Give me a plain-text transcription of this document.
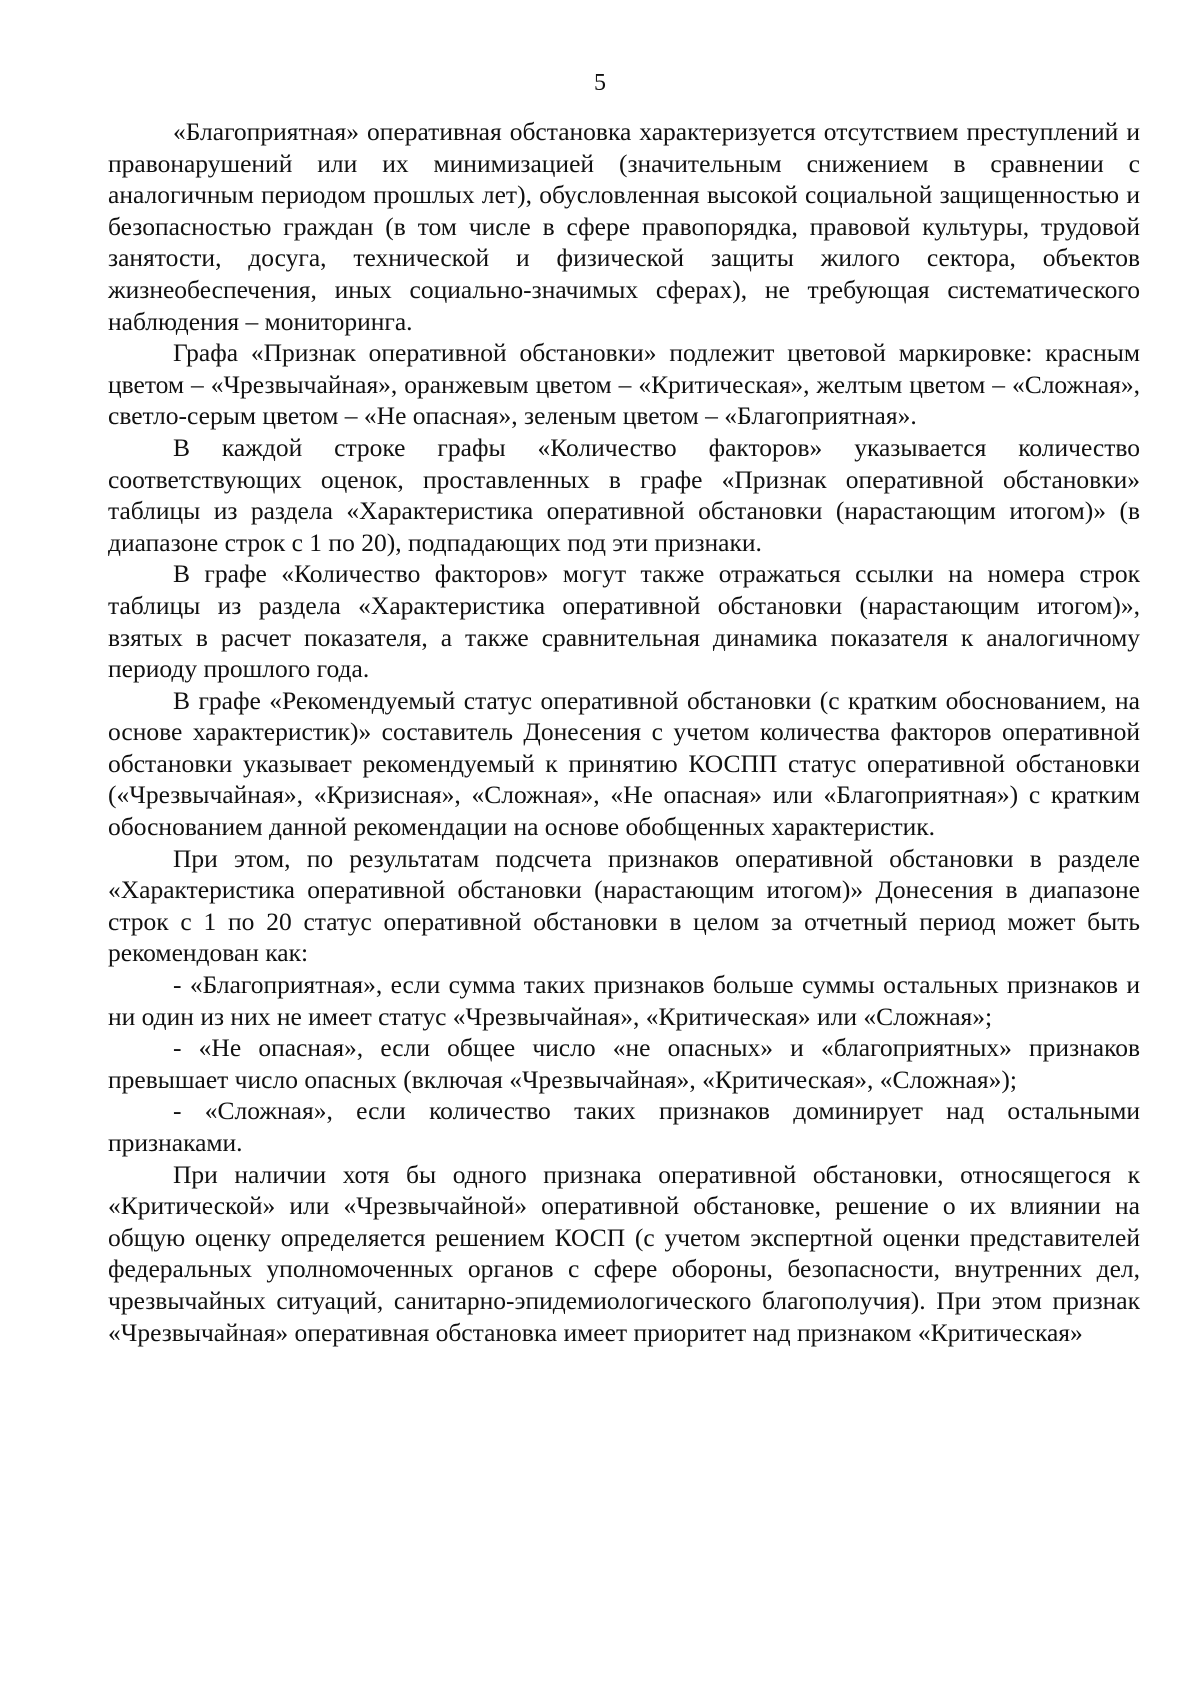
5

«Благоприятная» оперативная обстановка характеризуется отсутствием преступлений и правонарушений или их минимизацией (значительным снижением в сравнении с аналогичным периодом прошлых лет), обусловленная высокой социальной защищенностью и безопасностью граждан (в том числе в сфере правопорядка, правовой культуры, трудовой занятости, досуга, технической и физической защиты жилого сектора, объектов жизнеобеспечения, иных социально-значимых сферах), не требующая систематического наблюдения – мониторинга.

Графа «Признак оперативной обстановки» подлежит цветовой маркировке: красным цветом – «Чрезвычайная», оранжевым цветом – «Критическая», желтым цветом – «Сложная», светло-серым цветом – «Не опасная», зеленым цветом – «Благоприятная».

В каждой строке графы «Количество факторов» указывается количество соответствующих оценок, проставленных в графе «Признак оперативной обстановки» таблицы из раздела «Характеристика оперативной обстановки (нарастающим итогом)» (в диапазоне строк с 1 по 20), подпадающих под эти признаки.

В графе «Количество факторов» могут также отражаться ссылки на номера строк таблицы из раздела «Характеристика оперативной обстановки (нарастающим итогом)», взятых в расчет показателя, а также сравнительная динамика показателя к аналогичному периоду прошлого года.

В графе «Рекомендуемый статус оперативной обстановки (с кратким обоснованием, на основе характеристик)» составитель Донесения с учетом количества факторов оперативной обстановки указывает рекомендуемый к принятию КОСПП статус оперативной обстановки («Чрезвычайная», «Кризисная», «Сложная», «Не опасная» или «Благоприятная») с кратким обоснованием данной рекомендации на основе обобщенных характеристик.

При этом, по результатам подсчета признаков оперативной обстановки в разделе «Характеристика оперативной обстановки (нарастающим итогом)» Донесения в диапазоне строк с 1 по 20 статус оперативной обстановки в целом за отчетный период может быть рекомендован как:

- «Благоприятная», если сумма таких признаков больше суммы остальных признаков и ни один из них не имеет статус «Чрезвычайная», «Критическая» или «Сложная»;

- «Не опасная», если общее число «не опасных» и «благоприятных» признаков превышает число опасных (включая «Чрезвычайная», «Критическая», «Сложная»);

- «Сложная», если количество таких признаков доминирует над остальными признаками.

При наличии хотя бы одного признака оперативной обстановки, относящегося к «Критической» или «Чрезвычайной» оперативной обстановке, решение о их влиянии на общую оценку определяется решением КОСП (с учетом экспертной оценки представителей федеральных уполномоченных органов с сфере обороны, безопасности, внутренних дел, чрезвычайных ситуаций, санитарно-эпидемиологического благополучия). При этом признак «Чрезвычайная» оперативная обстановка имеет приоритет над признаком «Критическая»
